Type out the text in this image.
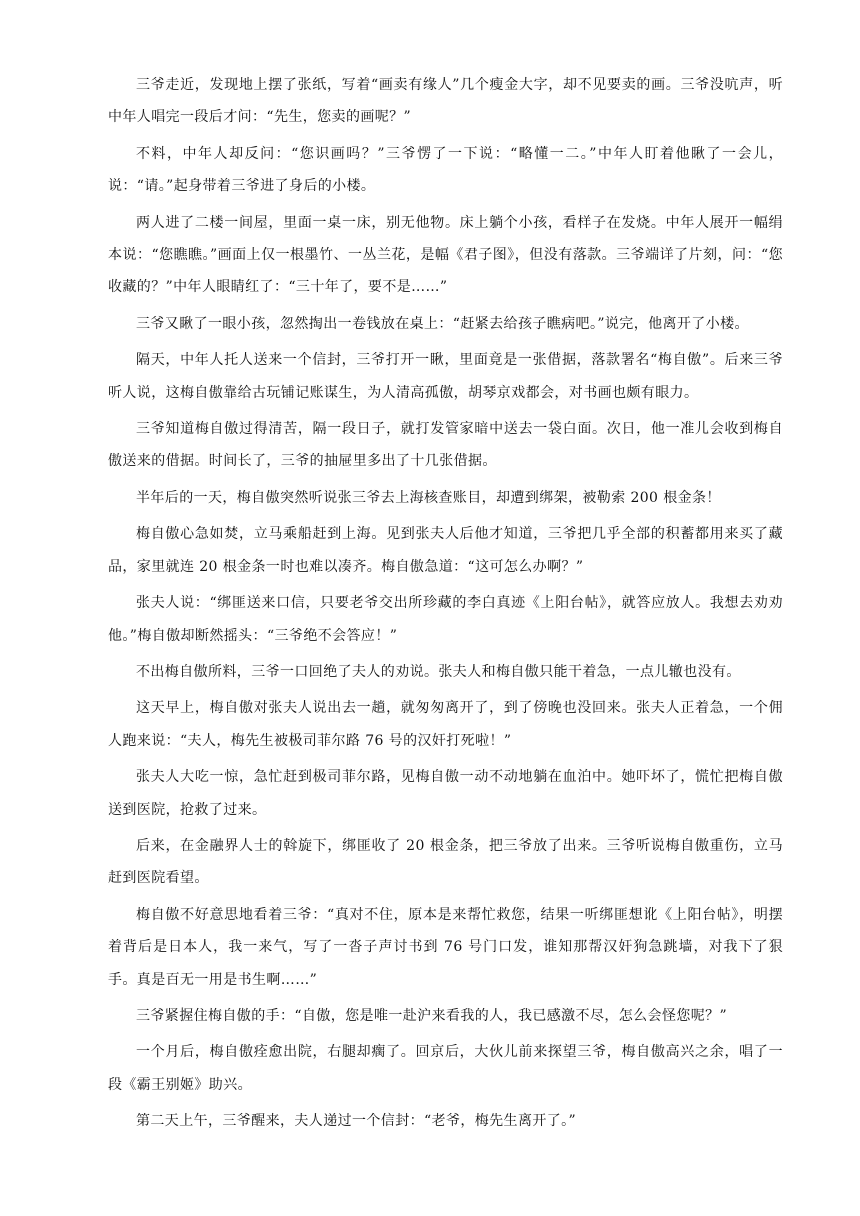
三爷走近，发现地上摆了张纸，写着“画卖有缘人”几个瘦金大字，却不见要卖的画。三爷没吭声，听中年人唱完一段后才问：“先生，您卖的画呢？”

不料，中年人却反问：“您识画吗？”三爷愣了一下说：“略懂一二。”中年人盯着他瞅了一会儿，说：“请。”起身带着三爷进了身后的小楼。

两人进了二楼一间屋，里面一桌一床，别无他物。床上躺个小孩，看样子在发烧。中年人展开一幅绢本说：“您瞧瞧。”画面上仅一根墨竹、一丛兰花，是幅《君子图》，但没有落款。三爷端详了片刻，问：“您收藏的？”中年人眼睛红了：“三十年了，要不是……”

三爷又瞅了一眼小孩，忽然掏出一卷钱放在桌上：“赶紧去给孩子瞧病吧。”说完，他离开了小楼。

隔天，中年人托人送来一个信封，三爷打开一瞅，里面竟是一张借据，落款署名“梅自傲”。后来三爷听人说，这梅自傲靠给古玩铺记账谋生，为人清高孤傲，胡琴京戏都会，对书画也颇有眼力。

三爷知道梅自傲过得清苦，隔一段日子，就打发管家暗中送去一袋白面。次日，他一准儿会收到梅自傲送来的借据。时间长了，三爷的抽屉里多出了十几张借据。

半年后的一天，梅自傲突然听说张三爷去上海核查账目，却遭到绑架，被勒索 200 根金条！

梅自傲心急如焚，立马乘船赶到上海。见到张夫人后他才知道，三爷把几乎全部的积蓄都用来买了藏品，家里就连 20 根金条一时也难以凑齐。梅自傲急道：“这可怎么办啊？”

张夫人说：“绑匪送来口信，只要老爷交出所珍藏的李白真迹《上阳台帖》，就答应放人。我想去劝劝他。”梅自傲却断然摇头：“三爷绝不会答应！”

不出梅自傲所料，三爷一口回绝了夫人的劝说。张夫人和梅自傲只能干着急，一点儿辙也没有。

这天早上，梅自傲对张夫人说出去一趟，就匆匆离开了，到了傍晚也没回来。张夫人正着急，一个佣人跑来说：“夫人，梅先生被极司菲尔路 76 号的汉奸打死啦！”

张夫人大吃一惊，急忙赶到极司菲尔路，见梅自傲一动不动地躺在血泊中。她吓坏了，慌忙把梅自傲送到医院，抢救了过来。

后来，在金融界人士的斡旋下，绑匪收了 20 根金条，把三爷放了出来。三爷听说梅自傲重伤，立马赶到医院看望。

梅自傲不好意思地看着三爷：“真对不住，原本是来帮忙救您，结果一听绑匪想讹《上阳台帖》，明摆着背后是日本人，我一来气，写了一沓子声讨书到 76 号门口发，谁知那帮汉奸狗急跳墙，对我下了狠手。真是百无一用是书生啊……”

三爷紧握住梅自傲的手：“自傲，您是唯一赴沪来看我的人，我已感激不尽，怎么会怪您呢？”

一个月后，梅自傲痊愈出院，右腿却瘸了。回京后，大伙儿前来探望三爷，梅自傲高兴之余，唱了一段《霸王别姬》助兴。

第二天上午，三爷醒来，夫人递过一个信封：“老爷，梅先生离开了。”
